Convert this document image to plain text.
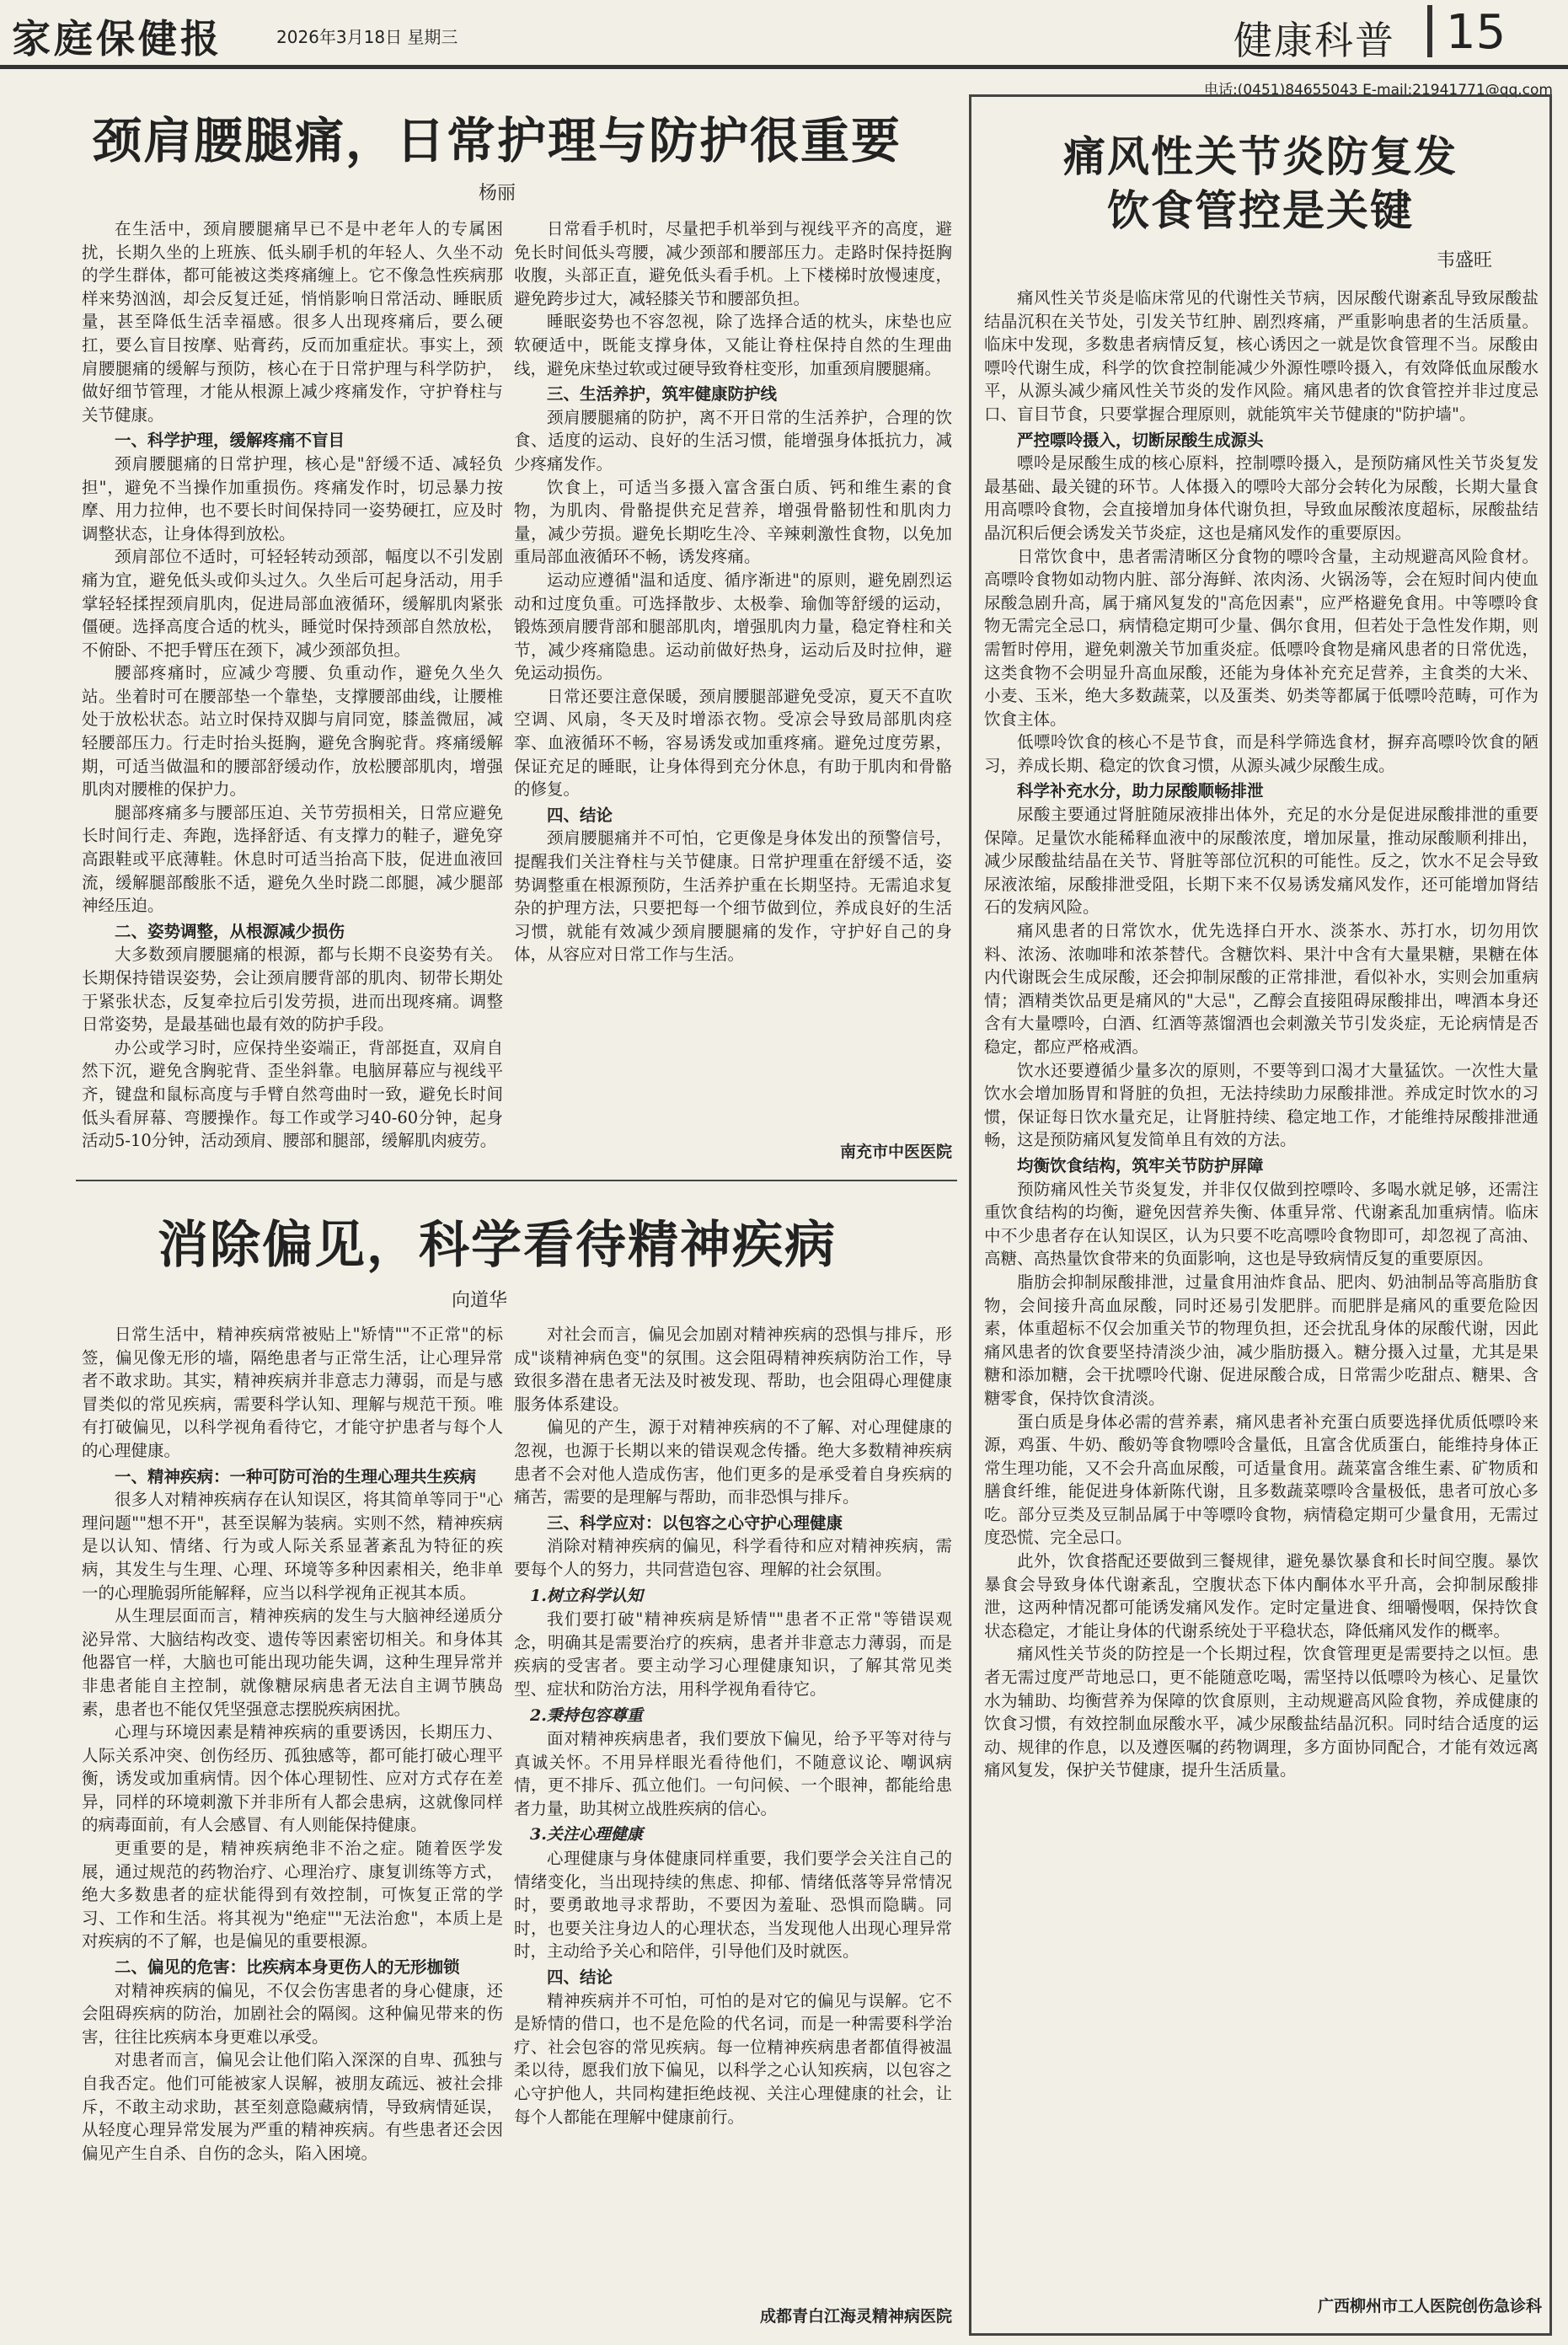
家庭保健报	2026年3月18日 星期三	健康科普 15
电话:(0451)84655043 E-mail:21941771@qq.com
颈肩腰腿痛，日常护理与防护很重要
杨丽

在生活中，颈肩腰腿痛早已不是中老年人的专属困扰，长期久坐的上班族、低头刷手机的年轻人、久坐不动的学生群体，都可能被这类疼痛缠上。它不像急性疾病那样来势汹汹，却会反复迁延，悄悄影响日常活动、睡眠质量，甚至降低生活幸福感。很多人出现疼痛后，要么硬扛，要么盲目按摩、贴膏药，反而加重症状。事实上，颈肩腰腿痛的缓解与预防，核心在于日常护理与科学防护，做好细节管理，才能从根源上减少疼痛发作，守护脊柱与关节健康。

一、科学护理，缓解疼痛不盲目

颈肩腰腿痛的日常护理，核心是"舒缓不适、减轻负担"，避免不当操作加重损伤。疼痛发作时，切忌暴力按摩、用力拉伸，也不要长时间保持同一姿势硬扛，应及时调整状态，让身体得到放松。

颈肩部位不适时，可轻轻转动颈部，幅度以不引发剧痛为宜，避免低头或仰头过久。久坐后可起身活动，用手掌轻轻揉捏颈肩肌肉，促进局部血液循环，缓解肌肉紧张僵硬。选择高度合适的枕头，睡觉时保持颈部自然放松，不俯卧、不把手臂压在颈下，减少颈部负担。

腰部疼痛时，应减少弯腰、负重动作，避免久坐久站。坐着时可在腰部垫一个靠垫，支撑腰部曲线，让腰椎处于放松状态。站立时保持双脚与肩同宽，膝盖微屈，减轻腰部压力。行走时抬头挺胸，避免含胸驼背。疼痛缓解期，可适当做温和的腰部舒缓动作，放松腰部肌肉，增强肌肉对腰椎的保护力。

腿部疼痛多与腰部压迫、关节劳损相关，日常应避免长时间行走、奔跑，选择舒适、有支撑力的鞋子，避免穿高跟鞋或平底薄鞋。休息时可适当抬高下肢，促进血液回流，缓解腿部酸胀不适，避免久坐时跷二郎腿，减少腿部神经压迫。

二、姿势调整，从根源减少损伤

大多数颈肩腰腿痛的根源，都与长期不良姿势有关。长期保持错误姿势，会让颈肩腰背部的肌肉、韧带长期处于紧张状态，反复牵拉后引发劳损，进而出现疼痛。调整日常姿势，是最基础也最有效的防护手段。

办公或学习时，应保持坐姿端正，背部挺直，双肩自然下沉，避免含胸驼背、歪坐斜靠。电脑屏幕应与视线平齐，键盘和鼠标高度与手臂自然弯曲时一致，避免长时间低头看屏幕、弯腰操作。每工作或学习40-60分钟，起身活动5-10分钟，活动颈肩、腰部和腿部，缓解肌肉疲劳。

日常看手机时，尽量把手机举到与视线平齐的高度，避免长时间低头弯腰，减少颈部和腰部压力。走路时保持挺胸收腹，头部正直，避免低头看手机。上下楼梯时放慢速度，避免跨步过大，减轻膝关节和腰部负担。

睡眠姿势也不容忽视，除了选择合适的枕头，床垫也应软硬适中，既能支撑身体，又能让脊柱保持自然的生理曲线，避免床垫过软或过硬导致脊柱变形，加重颈肩腰腿痛。

三、生活养护，筑牢健康防护线

颈肩腰腿痛的防护，离不开日常的生活养护，合理的饮食、适度的运动、良好的生活习惯，能增强身体抵抗力，减少疼痛发作。

饮食上，可适当多摄入富含蛋白质、钙和维生素的食物，为肌肉、骨骼提供充足营养，增强骨骼韧性和肌肉力量，减少劳损。避免长期吃生冷、辛辣刺激性食物，以免加重局部血液循环不畅，诱发疼痛。

运动应遵循"温和适度、循序渐进"的原则，避免剧烈运动和过度负重。可选择散步、太极拳、瑜伽等舒缓的运动，锻炼颈肩腰背部和腿部肌肉，增强肌肉力量，稳定脊柱和关节，减少疼痛隐患。运动前做好热身，运动后及时拉伸，避免运动损伤。

日常还要注意保暖，颈肩腰腿部避免受凉，夏天不直吹空调、风扇，冬天及时增添衣物。受凉会导致局部肌肉痉挛、血液循环不畅，容易诱发或加重疼痛。避免过度劳累，保证充足的睡眠，让身体得到充分休息，有助于肌肉和骨骼的修复。

四、结论

颈肩腰腿痛并不可怕，它更像是身体发出的预警信号，提醒我们关注脊柱与关节健康。日常护理重在舒缓不适，姿势调整重在根源预防，生活养护重在长期坚持。无需追求复杂的护理方法，只要把每一个细节做到位，养成良好的生活习惯，就能有效减少颈肩腰腿痛的发作，守护好自己的身体，从容应对日常工作与生活。

南充市中医医院
消除偏见，科学看待精神疾病
向道华

日常生活中，精神疾病常被贴上"矫情""不正常"的标签，偏见像无形的墙，隔绝患者与正常生活，让心理异常者不敢求助。其实，精神疾病并非意志力薄弱，而是与感冒类似的常见疾病，需要科学认知、理解与规范干预。唯有打破偏见，以科学视角看待它，才能守护患者与每个人的心理健康。

一、精神疾病：一种可防可治的生理心理共生疾病

很多人对精神疾病存在认知误区，将其简单等同于"心理问题""想不开"，甚至误解为装病。实则不然，精神疾病是以认知、情绪、行为或人际关系显著紊乱为特征的疾病，其发生与生理、心理、环境等多种因素相关，绝非单一的心理脆弱所能解释，应当以科学视角正视其本质。

从生理层面而言，精神疾病的发生与大脑神经递质分泌异常、大脑结构改变、遗传等因素密切相关。和身体其他器官一样，大脑也可能出现功能失调，这种生理异常并非患者能自主控制，就像糖尿病患者无法自主调节胰岛素，患者也不能仅凭坚强意志摆脱疾病困扰。

心理与环境因素是精神疾病的重要诱因，长期压力、人际关系冲突、创伤经历、孤独感等，都可能打破心理平衡，诱发或加重病情。因个体心理韧性、应对方式存在差异，同样的环境刺激下并非所有人都会患病，这就像同样的病毒面前，有人会感冒、有人则能保持健康。

更重要的是，精神疾病绝非不治之症。随着医学发展，通过规范的药物治疗、心理治疗、康复训练等方式，绝大多数患者的症状能得到有效控制，可恢复正常的学习、工作和生活。将其视为"绝症""无法治愈"，本质上是对疾病的不了解，也是偏见的重要根源。

二、偏见的危害：比疾病本身更伤人的无形枷锁

对精神疾病的偏见，不仅会伤害患者的身心健康，还会阻碍疾病的防治，加剧社会的隔阂。这种偏见带来的伤害，往往比疾病本身更难以承受。

对患者而言，偏见会让他们陷入深深的自卑、孤独与自我否定。他们可能被家人误解，被朋友疏远、被社会排斥，不敢主动求助，甚至刻意隐藏病情，导致病情延误，从轻度心理异常发展为严重的精神疾病。有些患者还会因偏见产生自杀、自伤的念头，陷入困境。

对社会而言，偏见会加剧对精神疾病的恐惧与排斥，形成"谈精神病色变"的氛围。这会阻碍精神疾病防治工作，导致很多潜在患者无法及时被发现、帮助，也会阻碍心理健康服务体系建设。

偏见的产生，源于对精神疾病的不了解、对心理健康的忽视，也源于长期以来的错误观念传播。绝大多数精神疾病患者不会对他人造成伤害，他们更多的是承受着自身疾病的痛苦，需要的是理解与帮助，而非恐惧与排斥。

三、科学应对：以包容之心守护心理健康

消除对精神疾病的偏见，科学看待和应对精神疾病，需要每个人的努力，共同营造包容、理解的社会氛围。

1.树立科学认知

我们要打破"精神疾病是矫情""患者不正常"等错误观念，明确其是需要治疗的疾病，患者并非意志力薄弱，而是疾病的受害者。要主动学习心理健康知识，了解其常见类型、症状和防治方法，用科学视角看待它。

2.秉持包容尊重

面对精神疾病患者，我们要放下偏见，给予平等对待与真诚关怀。不用异样眼光看待他们，不随意议论、嘲讽病情，更不排斥、孤立他们。一句问候、一个眼神，都能给患者力量，助其树立战胜疾病的信心。

3.关注心理健康

心理健康与身体健康同样重要，我们要学会关注自己的情绪变化，当出现持续的焦虑、抑郁、情绪低落等异常情况时，要勇敢地寻求帮助，不要因为羞耻、恐惧而隐瞒。同时，也要关注身边人的心理状态，当发现他人出现心理异常时，主动给予关心和陪伴，引导他们及时就医。

四、结论

精神疾病并不可怕，可怕的是对它的偏见与误解。它不是矫情的借口，也不是危险的代名词，而是一种需要科学治疗、社会包容的常见疾病。每一位精神疾病患者都值得被温柔以待，愿我们放下偏见，以科学之心认知疾病，以包容之心守护他人，共同构建拒绝歧视、关注心理健康的社会，让每个人都能在理解中健康前行。

成都青白江海灵精神病医院
痛风性关节炎防复发
饮食管控是关键
韦盛旺

痛风性关节炎是临床常见的代谢性关节病，因尿酸代谢紊乱导致尿酸盐结晶沉积在关节处，引发关节红肿、剧烈疼痛，严重影响患者的生活质量。临床中发现，多数患者病情反复，核心诱因之一就是饮食管理不当。尿酸由嘌呤代谢生成，科学的饮食控制能减少外源性嘌呤摄入，有效降低血尿酸水平，从源头减少痛风性关节炎的发作风险。痛风患者的饮食管控并非过度忌口、盲目节食，只要掌握合理原则，就能筑牢关节健康的"防护墙"。

严控嘌呤摄入，切断尿酸生成源头

嘌呤是尿酸生成的核心原料，控制嘌呤摄入，是预防痛风性关节炎复发最基础、最关键的环节。人体摄入的嘌呤大部分会转化为尿酸，长期大量食用高嘌呤食物，会直接增加身体代谢负担，导致血尿酸浓度超标，尿酸盐结晶沉积后便会诱发关节炎症，这也是痛风发作的重要原因。

日常饮食中，患者需清晰区分食物的嘌呤含量，主动规避高风险食材。高嘌呤食物如动物内脏、部分海鲜、浓肉汤、火锅汤等，会在短时间内使血尿酸急剧升高，属于痛风复发的"高危因素"，应严格避免食用。中等嘌呤食物无需完全忌口，病情稳定期可少量、偶尔食用，但若处于急性发作期，则需暂时停用，避免刺激关节加重炎症。低嘌呤食物是痛风患者的日常优选，这类食物不会明显升高血尿酸，还能为身体补充充足营养，主食类的大米、小麦、玉米，绝大多数蔬菜，以及蛋类、奶类等都属于低嘌呤范畴，可作为饮食主体。

低嘌呤饮食的核心不是节食，而是科学筛选食材，摒弃高嘌呤饮食的陋习，养成长期、稳定的饮食习惯，从源头减少尿酸生成。

科学补充水分，助力尿酸顺畅排泄

尿酸主要通过肾脏随尿液排出体外，充足的水分是促进尿酸排泄的重要保障。足量饮水能稀释血液中的尿酸浓度，增加尿量，推动尿酸顺利排出，减少尿酸盐结晶在关节、肾脏等部位沉积的可能性。反之，饮水不足会导致尿液浓缩，尿酸排泄受阻，长期下来不仅易诱发痛风发作，还可能增加肾结石的发病风险。

痛风患者的日常饮水，优先选择白开水、淡茶水、苏打水，切勿用饮料、浓汤、浓咖啡和浓茶替代。含糖饮料、果汁中含有大量果糖，果糖在体内代谢既会生成尿酸，还会抑制尿酸的正常排泄，看似补水，实则会加重病情；酒精类饮品更是痛风的"大忌"，乙醇会直接阻碍尿酸排出，啤酒本身还含有大量嘌呤，白酒、红酒等蒸馏酒也会刺激关节引发炎症，无论病情是否稳定，都应严格戒酒。

饮水还要遵循少量多次的原则，不要等到口渴才大量猛饮。一次性大量饮水会增加肠胃和肾脏的负担，无法持续助力尿酸排泄。养成定时饮水的习惯，保证每日饮水量充足，让肾脏持续、稳定地工作，才能维持尿酸排泄通畅，这是预防痛风复发简单且有效的方法。

均衡饮食结构，筑牢关节防护屏障

预防痛风性关节炎复发，并非仅仅做到控嘌呤、多喝水就足够，还需注重饮食结构的均衡，避免因营养失衡、体重异常、代谢紊乱加重病情。临床中不少患者存在认知误区，认为只要不吃高嘌呤食物即可，却忽视了高油、高糖、高热量饮食带来的负面影响，这也是导致病情反复的重要原因。

脂肪会抑制尿酸排泄，过量食用油炸食品、肥肉、奶油制品等高脂肪食物，会间接升高血尿酸，同时还易引发肥胖。而肥胖是痛风的重要危险因素，体重超标不仅会加重关节的物理负担，还会扰乱身体的尿酸代谢，因此痛风患者的饮食要坚持清淡少油，减少脂肪摄入。糖分摄入过量，尤其是果糖和添加糖，会干扰嘌呤代谢、促进尿酸合成，日常需少吃甜点、糖果、含糖零食，保持饮食清淡。

蛋白质是身体必需的营养素，痛风患者补充蛋白质要选择优质低嘌呤来源，鸡蛋、牛奶、酸奶等食物嘌呤含量低，且富含优质蛋白，能维持身体正常生理功能，又不会升高血尿酸，可适量食用。蔬菜富含维生素、矿物质和膳食纤维，能促进身体新陈代谢，且多数蔬菜嘌呤含量极低，患者可放心多吃。部分豆类及豆制品属于中等嘌呤食物，病情稳定期可少量食用，无需过度恐慌、完全忌口。

此外，饮食搭配还要做到三餐规律，避免暴饮暴食和长时间空腹。暴饮暴食会导致身体代谢紊乱，空腹状态下体内酮体水平升高，会抑制尿酸排泄，这两种情况都可能诱发痛风发作。定时定量进食、细嚼慢咽，保持饮食状态稳定，才能让身体的代谢系统处于平稳状态，降低痛风发作的概率。

痛风性关节炎的防控是一个长期过程，饮食管理更是需要持之以恒。患者无需过度严苛地忌口，更不能随意吃喝，需坚持以低嘌呤为核心、足量饮水为辅助、均衡营养为保障的饮食原则，主动规避高风险食物，养成健康的饮食习惯，有效控制血尿酸水平，减少尿酸盐结晶沉积。同时结合适度的运动、规律的作息，以及遵医嘱的药物调理，多方面协同配合，才能有效远离痛风复发，保护关节健康，提升生活质量。

广西柳州市工人医院创伤急诊科
